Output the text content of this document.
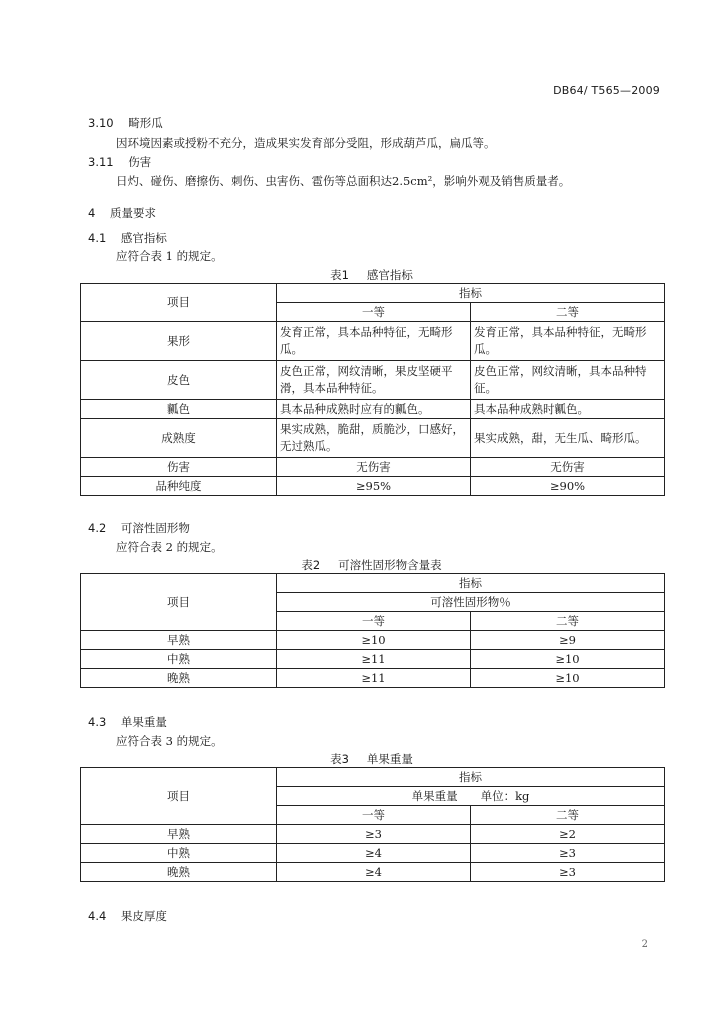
DB64/ T565—2009
3.10 畸形瓜
因环境因素或授粉不充分，造成果实发育部分受阻，形成葫芦瓜，扁瓜等。
3.11 伤害
日灼、碰伤、磨擦伤、刺伤、虫害伤、雹伤等总面积达2.5cm²，影响外观及销售质量者。
4 质量要求
4.1 感官指标
应符合表 1 的规定。
表1 感官指标
项目	指标	
	一等	二等
果形	发育正常，具本品种特征，无畸形瓜。	发育正常，具本品种特征，无畸形瓜。
皮色	皮色正常，网纹清晰，果皮坚硬平滑，具本品种特征。	皮色正常，网纹清晰，具本品种特征。
瓤色	具本品种成熟时应有的瓤色。	具本品种成熟时瓤色。
成熟度	果实成熟，脆甜，质脆沙，口感好，无过熟瓜。	果实成熟，甜，无生瓜、畸形瓜。
伤害	无伤害	无伤害
品种纯度	≥95%	≥90%
4.2 可溶性固形物
应符合表 2 的规定。
表2 可溶性固形物含量表
项目	指标	
	可溶性固形物％	
	一等	二等
早熟	≥10	≥9
中熟	≥11	≥10
晚熟	≥11	≥10
4.3 单果重量
应符合表 3 的规定。
表3 单果重量
项目	指标	
	单果重量　　单位：kg	
	一等	二等
早熟	≥3	≥2
中熟	≥4	≥3
晚熟	≥4	≥3
4.4 果皮厚度
2
